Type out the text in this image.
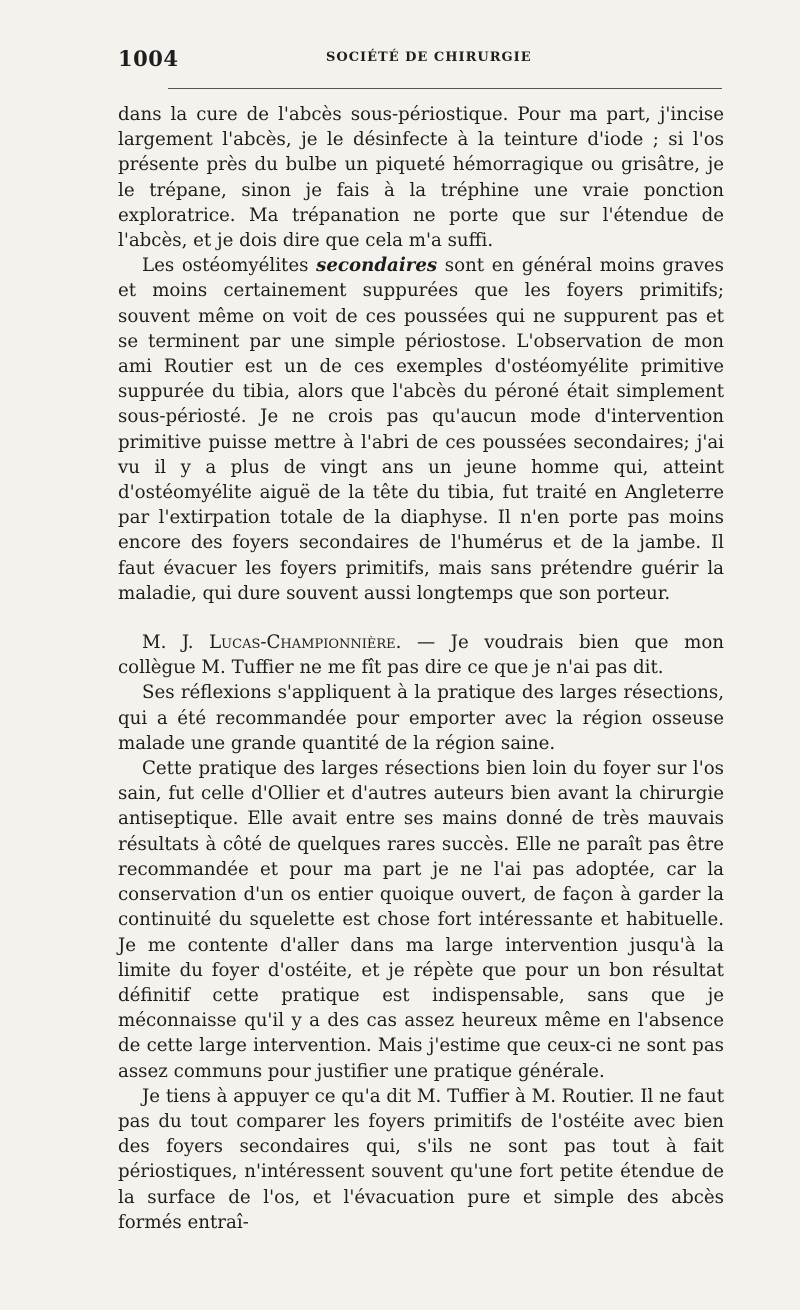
1004	SOCIÉTÉ DE CHIRURGIE

dans la cure de l'abcès sous-périostique. Pour ma part, j'incise largement l'abcès, je le désinfecte à la teinture d'iode ; si l'os présente près du bulbe un piqueté hémorragique ou grisâtre, je le trépane, sinon je fais à la tréphine une vraie ponction exploratrice. Ma trépanation ne porte que sur l'étendue de l'abcès, et je dois dire que cela m'a suffi.

Les ostéomyélites secondaires sont en général moins graves et moins certainement suppurées que les foyers primitifs; souvent même on voit de ces poussées qui ne suppurent pas et se terminent par une simple périostose. L'observation de mon ami Routier est un de ces exemples d'ostéomyélite primitive suppurée du tibia, alors que l'abcès du péroné était simplement sous-périosté. Je ne crois pas qu'aucun mode d'intervention primitive puisse mettre à l'abri de ces poussées secondaires; j'ai vu il y a plus de vingt ans un jeune homme qui, atteint d'ostéomyélite aiguë de la tête du tibia, fut traité en Angleterre par l'extirpation totale de la diaphyse. Il n'en porte pas moins encore des foyers secondaires de l'humérus et de la jambe. Il faut évacuer les foyers primitifs, mais sans prétendre guérir la maladie, qui dure souvent aussi longtemps que son porteur.

M. J. Lucas-Championnière. — Je voudrais bien que mon collègue M. Tuffier ne me fît pas dire ce que je n'ai pas dit.

Ses réflexions s'appliquent à la pratique des larges résections, qui a été recommandée pour emporter avec la région osseuse malade une grande quantité de la région saine.

Cette pratique des larges résections bien loin du foyer sur l'os sain, fut celle d'Ollier et d'autres auteurs bien avant la chirurgie antiseptique. Elle avait entre ses mains donné de très mauvais résultats à côté de quelques rares succès. Elle ne paraît pas être recommandée et pour ma part je ne l'ai pas adoptée, car la conservation d'un os entier quoique ouvert, de façon à garder la continuité du squelette est chose fort intéressante et habituelle. Je me contente d'aller dans ma large intervention jusqu'à la limite du foyer d'ostéite, et je répète que pour un bon résultat définitif cette pratique est indispensable, sans que je méconnaisse qu'il y a des cas assez heureux même en l'absence de cette large intervention. Mais j'estime que ceux-ci ne sont pas assez communs pour justifier une pratique générale.

Je tiens à appuyer ce qu'a dit M. Tuffier à M. Routier. Il ne faut pas du tout comparer les foyers primitifs de l'ostéite avec bien des foyers secondaires qui, s'ils ne sont pas tout à fait périostiques, n'intéressent souvent qu'une fort petite étendue de la surface de l'os, et l'évacuation pure et simple des abcès formés entraî-
